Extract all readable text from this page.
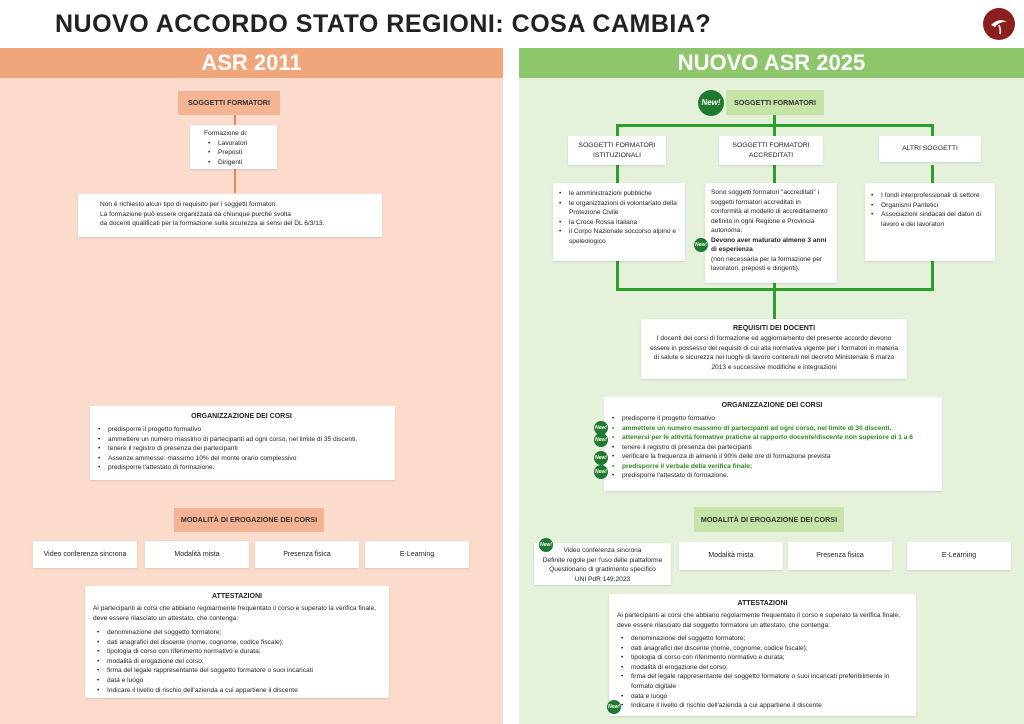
NUOVO ACCORDO STATO REGIONI: COSA CAMBIA?
ASR 2011	NUOVO ASR 2025
SOGGETTI FORMATORI
Formazione di:
• Lavoratori
• Preposti
• Dirigenti
Non è richiesto alcun tipo di requisito per i soggetti formatori.
La formazione può essere organizzata da chiunque purché svolta
da docenti qualificati per la formazione sulla sicurezza ai sensi del DL 6/3/13.
ORGANIZZAZIONE DEI CORSI
• predisporre il progetto formativo
• ammettere un numero massimo di partecipanti ad ogni corso, nel limite di 35 discenti.
• tenere il registro di presenza dei partecipanti
• Assenze ammesse: massimo 10% del monte orario complessivo
• predisporre l'attestato di formazione.
MODALITÀ DI EROGAZIONE DEI CORSI
Video conferenza sincrona	Modalità mista	Presenza fisica	E-Learning
ATTESTAZIONI
Ai partecipanti ai corsi che abbiano regolarmente frequentato il corso e superato la verifica finale, deve essere rilasciato un attestato, che contenga:
• denominazione del soggetto formatore;
• dati anagrafici del discente (nome, cognome, codice fiscale);
• tipologia di corso con riferimento normativo e durata;
• modalità di erogazione del corso;
• firma del legale rappresentante del soggetto formatore o suoi incaricati
• data e luogo
• Indicare il livello di rischio dell'azienda a cui appartiene il discente
SOGGETTI FORMATORI
New!
SOGGETTI FORMATORI ISTITUZIONALI
SOGGETTI FORMATORI ACCREDITATI
ALTRI SOGGETTI
• le amministrazioni pubbliche
• le organizzazioni di volontariato della Protezione Civile
• la Croce Rossa Italiana
• il Corpo Nazionale soccorso alpino e speleologico
Sono soggetti formatori "accreditati" i soggetti formatori accreditati in conformità al modello di accreditamento definito in ogni Regione e Provincia autonoma.
Devono aver maturato almeno 3 anni di esperienza
(non necessaria per la formazione per lavoratori, preposti e dirigenti).
New!
• I fondi interprofessionali di settore
• Organismi Paritetici
• Associazioni sindacali dei datori di lavoro e dei lavoratori
REQUISITI DEI DOCENTI
I docenti dei corsi di formazione ed aggiornamento del presente accordo devono essere in possesso dei requisiti di cui alla normativa vigente per i formatori in materia di salute e sicurezza nei luoghi di lavoro contenuti nel decreto Ministeriale 6 marzo 2013 e successive modifiche e integrazioni
ORGANIZZAZIONE DEI CORSI
• predisporre il progetto formativo
• ammettere un numero massimo di partecipanti ad ogni corso, nel limite di 30 discenti.
• attenersi per le attività formative pratiche al rapporto docente/discente non superiore di 1 a 6
• tenere il registro di presenza dei partecipanti
• verificare la frequenza di almeno il 90% delle ore di formazione prevista
• predisporre il verbale della verifica finale;
• predisporre l'attestato di formazione.
New!
New!
New!
New!
MODALITÀ DI EROGAZIONE DEI CORSI
Video conferenza sincrona
Definite regole per l'uso delle piattaforme
Questionario di gradimento specifico
UNI PdR 149:2023
New!
Modalità mista	Presenza fisica	E-Learning
ATTESTAZIONI
Ai partecipanti ai corsi che abbiano regolarmente frequentato il corso e superato la verifica finale, deve essere rilasciato dal soggetto formatore un attestato, che contenga:
• denominazione del soggetto formatore;
• dati anagrafici del discente (nome, cognome, codice fiscale);
• tipologia di corso con riferimento normativo e durata;
• modalità di erogazione del corso;
• firma del legale rappresentante del soggetto formatore o suoi incaricati preferibilmente in formato digitale
• data e luogo
• Indicare il livello di rischio dell'azienda a cui appartiene il discente
New!
